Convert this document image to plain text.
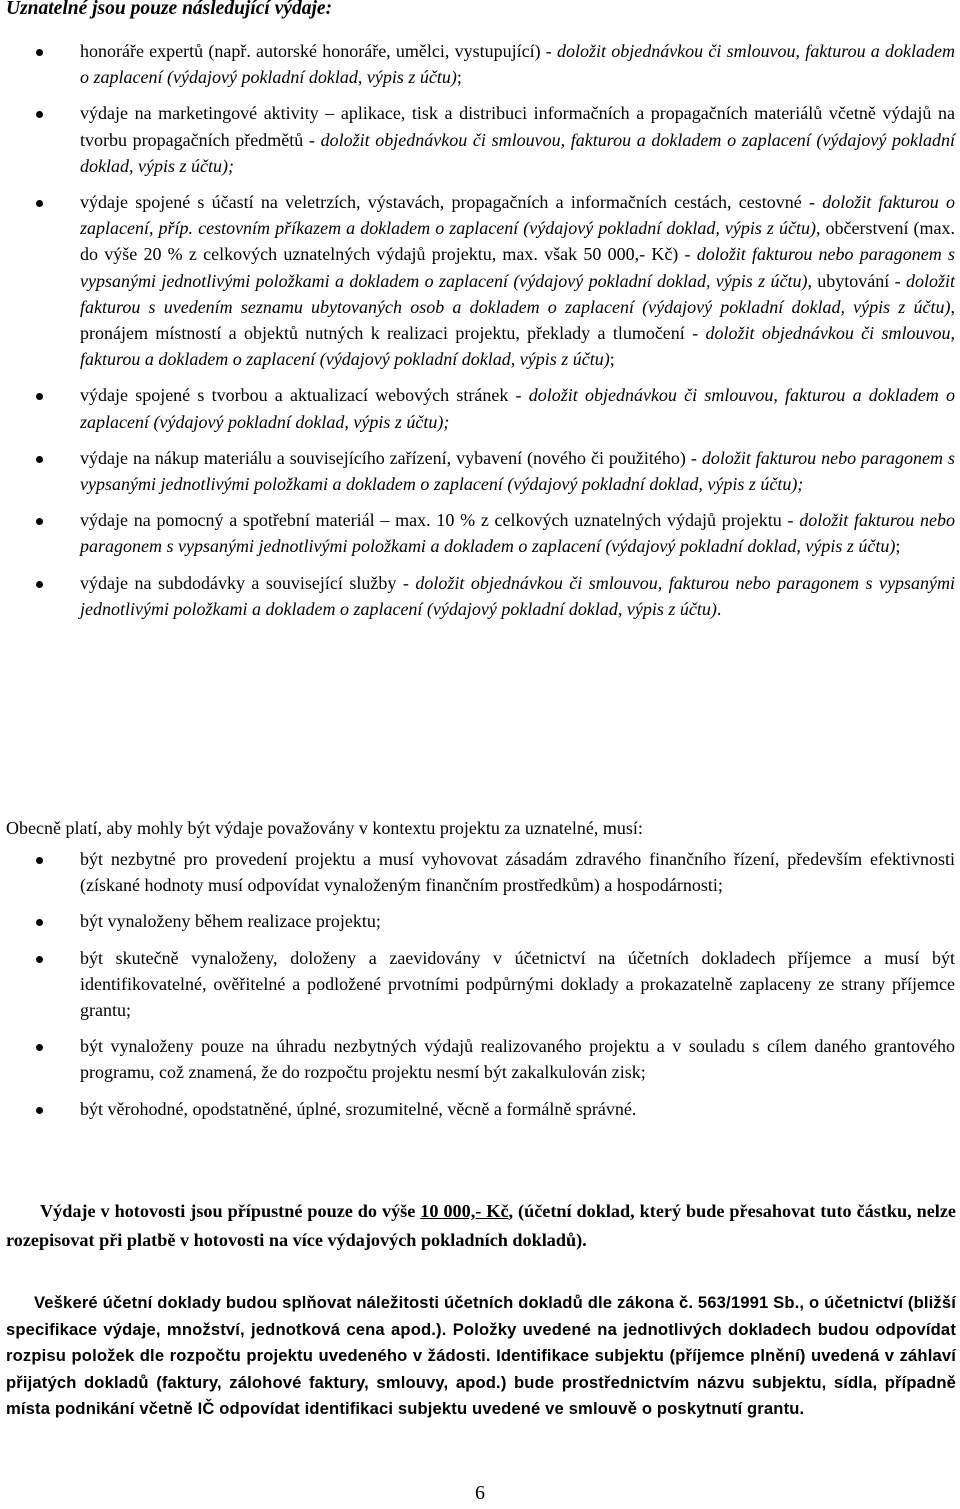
Uznatelné jsou pouze následující výdaje:
honoráře expertů (např. autorské honoráře, umělci, vystupující) - doložit objednávkou či smlouvou, fakturou a dokladem o zaplacení (výdajový pokladní doklad, výpis z účtu);
výdaje na marketingové aktivity – aplikace, tisk a distribuci informačních a propagačních materiálů včetně výdajů na tvorbu propagačních předmětů - doložit objednávkou či smlouvou, fakturou a dokladem o zaplacení (výdajový pokladní doklad, výpis z účtu);
výdaje spojené s účastí na veletrzích, výstavách, propagačních a informačních cestách, cestovné - doložit fakturou o zaplacení, příp. cestovním příkazem a dokladem o zaplacení (výdajový pokladní doklad, výpis z účtu), občerstvení (max. do výše 20 % z celkových uznatelných výdajů projektu, max. však 50 000,- Kč) - doložit fakturou nebo paragonem s vypsanými jednotlivými položkami a dokladem o zaplacení (výdajový pokladní doklad, výpis z účtu), ubytování - doložit fakturou s uvedením seznamu ubytovaných osob a dokladem o zaplacení (výdajový pokladní doklad, výpis z účtu), pronájem místností a objektů nutných k realizaci projektu, překlady a tlumočení - doložit objednávkou či smlouvou, fakturou a dokladem o zaplacení (výdajový pokladní doklad, výpis z účtu);
výdaje spojené s tvorbou a aktualizací webových stránek - doložit objednávkou či smlouvou, fakturou a dokladem o zaplacení (výdajový pokladní doklad, výpis z účtu);
výdaje na nákup materiálu a souvisejícího zařízení, vybavení (nového či použitého) - doložit fakturou nebo paragonem s vypsanými jednotlivými položkami a dokladem o zaplacení (výdajový pokladní doklad, výpis z účtu);
výdaje na pomocný a spotřební materiál – max. 10 % z celkových uznatelných výdajů projektu - doložit fakturou nebo paragonem s vypsanými jednotlivými položkami a dokladem o zaplacení (výdajový pokladní doklad, výpis z účtu);
výdaje na subdodávky a související služby - doložit objednávkou či smlouvou, fakturou nebo paragonem s vypsanými jednotlivými položkami a dokladem o zaplacení (výdajový pokladní doklad, výpis z účtu).

Obecně platí, aby mohly být výdaje považovány v kontextu projektu za uznatelné, musí:

být nezbytné pro provedení projektu a musí vyhovovat zásadám zdravého finančního řízení, především efektivnosti (získané hodnoty musí odpovídat vynaloženým finančním prostředkům) a hospodárnosti;
být vynaloženy během realizace projektu;
být skutečně vynaloženy, doloženy a zaevidovány v účetnictví na účetních dokladech příjemce a musí být identifikovatelné, ověřitelné a podložené prvotními podpůrnými doklady a prokazatelně zaplaceny ze strany příjemce grantu;
být vynaloženy pouze na úhradu nezbytných výdajů realizovaného projektu a v souladu s cílem daného grantového programu, což znamená, že do rozpočtu projektu nesmí být zakalkulován zisk;
být věrohodné, opodstatněné, úplné, srozumitelné, věcně a formálně správné.

Výdaje v hotovosti jsou přípustné pouze do výše 10 000,- Kč, (účetní doklad, který bude přesahovat tuto částku, nelze rozepisovat při platbě v hotovosti na více výdajových pokladních dokladů).

Veškeré účetní doklady budou splňovat náležitosti účetních dokladů dle zákona č. 563/1991 Sb., o účetnictví (bližší specifikace výdaje, množství, jednotková cena apod.). Položky uvedené na jednotlivých dokladech budou odpovídat rozpisu položek dle rozpočtu projektu uvedeného v žádosti. Identifikace subjektu (příjemce plnění) uvedená v záhlaví přijatých dokladů (faktury, zálohové faktury, smlouvy, apod.) bude prostřednictvím názvu subjektu, sídla, případně místa podnikání včetně IČ odpovídat identifikaci subjektu uvedené ve smlouvě o poskytnutí grantu.

6
